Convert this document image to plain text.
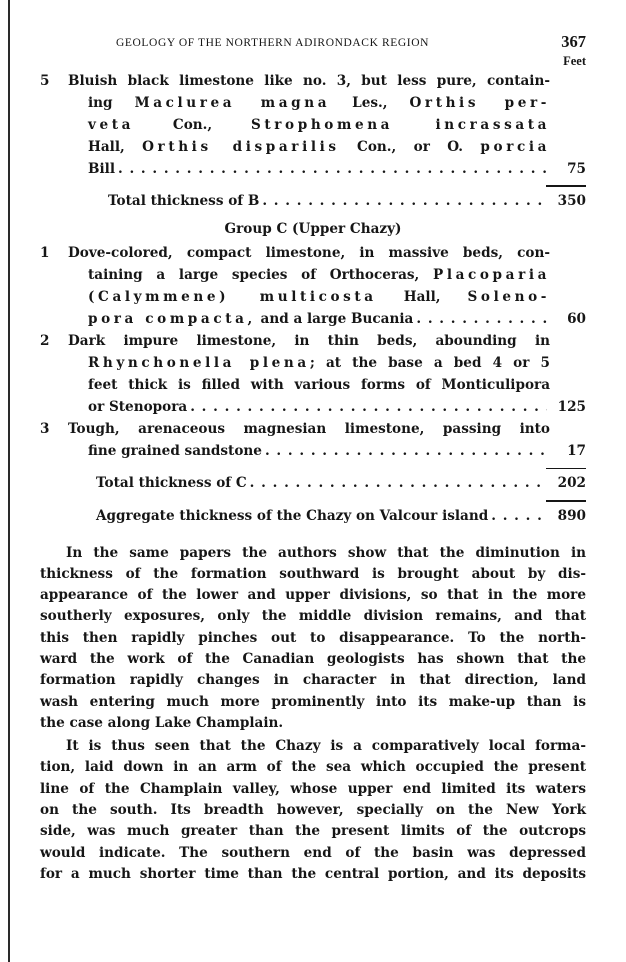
GEOLOGY OF THE NORTHERN ADIRONDACK REGION	367
Feet
5 Bluish black limestone like no. 3, but less pure, contain-
ing Maclurea magna Les., Orthis per-
veta	Con.,	Strophomena incrassata
Hall, Orthis disparilis Con., or O. porcia
Bill . . .	75
Total thickness of B . . .	350
Group C (Upper Chazy)
1 Dove-colored, compact limestone, in massive beds, con-
taining a large species of Orthoceras, Placoparia
(Calymmene) multicosta Hall, Soleno-
pora compacta,
and a large Bucania . . .	60
2 Dark impure limestone, in thin beds, abounding in
Rhynchonella plena; at the base a bed 4 or 5
feet thick is filled with various forms of Monticulipora
or Stenopora . . .	125
3 Tough, arenaceous magnesian limestone, passing into
fine grained sandstone . . .	17
Total thickness of C . . .	202
Aggregate thickness of the Chazy on Valcour island . . .	890

In the same papers the authors show that the diminution in
thickness of the formation southward is brought about by dis-
appearance of the lower and upper divisions, so that in the more
southerly exposures, only the middle division remains, and that
this then rapidly pinches out to disappearance. To the north-
ward the work of the Canadian geologists has shown that the
formation rapidly changes in character in that direction, land
wash entering much more prominently into its make-up than is
the case along Lake Champlain.

It is thus seen that the Chazy is a comparatively local forma-
tion, laid down in an arm of the sea which occupied the present
line of the Champlain valley, whose upper end limited its waters
on the south. Its breadth however, specially on the New York
side, was much greater than the present limits of the outcrops
would indicate. The southern end of the basin was depressed
for a much shorter time than the central portion, and its deposits
